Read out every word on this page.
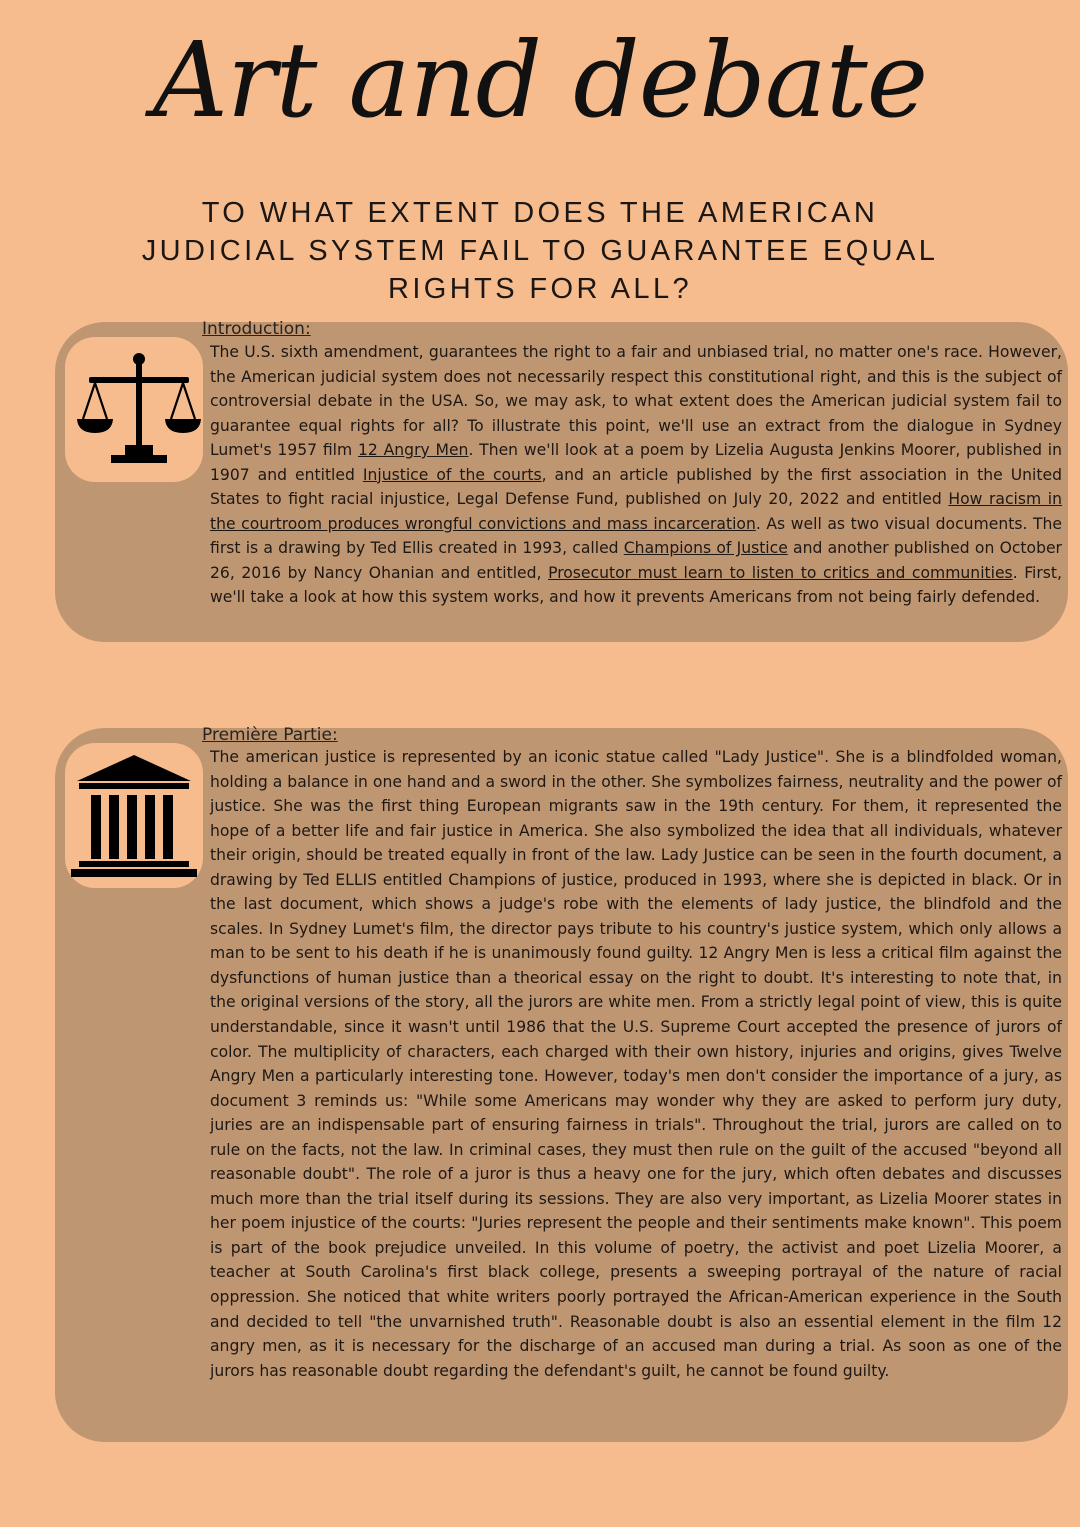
Art and debate
TO WHAT EXTENT DOES THE AMERICAN JUDICIAL SYSTEM FAIL TO GUARANTEE EQUAL RIGHTS FOR ALL?
Introduction:

The U.S. sixth amendment, guarantees the right to a fair and unbiased trial, no matter one's race. However, the American judicial system does not necessarily respect this constitutional right, and this is the subject of controversial debate in the USA. So, we may ask, to what extent does the American judicial system fail to guarantee equal rights for all? To illustrate this point, we'll use an extract from the dialogue in Sydney Lumet's 1957 film 12 Angry Men. Then we'll look at a poem by Lizelia Augusta Jenkins Moorer, published in 1907 and entitled Injustice of the courts, and an article published by the first association in the United States to fight racial injustice, Legal Defense Fund, published on July 20, 2022 and entitled How racism in the courtroom produces wrongful convictions and mass incarceration. As well as two visual documents. The first is a drawing by Ted Ellis created in 1993, called Champions of Justice and another published on October 26, 2016 by Nancy Ohanian and entitled, Prosecutor must learn to listen to critics and communities. First, we'll take a look at how this system works, and how it prevents Americans from not being fairly defended.

Première Partie:

The american justice is represented by an iconic statue called "Lady Justice". She is a blindfolded woman, holding a balance in one hand and a sword in the other. She symbolizes fairness, neutrality and the power of justice. She was the first thing European migrants saw in the 19th century. For them, it represented the hope of a better life and fair justice in America. She also symbolized the idea that all individuals, whatever their origin, should be treated equally in front of the law. Lady Justice can be seen in the fourth document, a drawing by Ted ELLIS entitled Champions of justice, produced in 1993, where she is depicted in black. Or in the last document, which shows a judge's robe with the elements of lady justice, the blindfold and the scales. In Sydney Lumet's film, the director pays tribute to his country's justice system, which only allows a man to be sent to his death if he is unanimously found guilty. 12 Angry Men is less a critical film against the dysfunctions of human justice than a theorical essay on the right to doubt. It's interesting to note that, in the original versions of the story, all the jurors are white men. From a strictly legal point of view, this is quite understandable, since it wasn't until 1986 that the U.S. Supreme Court accepted the presence of jurors of color. The multiplicity of characters, each charged with their own history, injuries and origins, gives Twelve Angry Men a particularly interesting tone. However, today's men don't consider the importance of a jury, as document 3 reminds us: "While some Americans may wonder why they are asked to perform jury duty, juries are an indispensable part of ensuring fairness in trials". Throughout the trial, jurors are called on to rule on the facts, not the law. In criminal cases, they must then rule on the guilt of the accused "beyond all reasonable doubt". The role of a juror is thus a heavy one for the jury, which often debates and discusses much more than the trial itself during its sessions. They are also very important, as Lizelia Moorer states in her poem injustice of the courts: "Juries represent the people and their sentiments make known". This poem is part of the book prejudice unveiled. In this volume of poetry, the activist and poet Lizelia Moorer, a teacher at South Carolina's first black college, presents a sweeping portrayal of the nature of racial oppression. She noticed that white writers poorly portrayed the African-American experience in the South and decided to tell "the unvarnished truth". Reasonable doubt is also an essential element in the film 12 angry men, as it is necessary for the discharge of an accused man during a trial. As soon as one of the jurors has reasonable doubt regarding the defendant's guilt, he cannot be found guilty.
